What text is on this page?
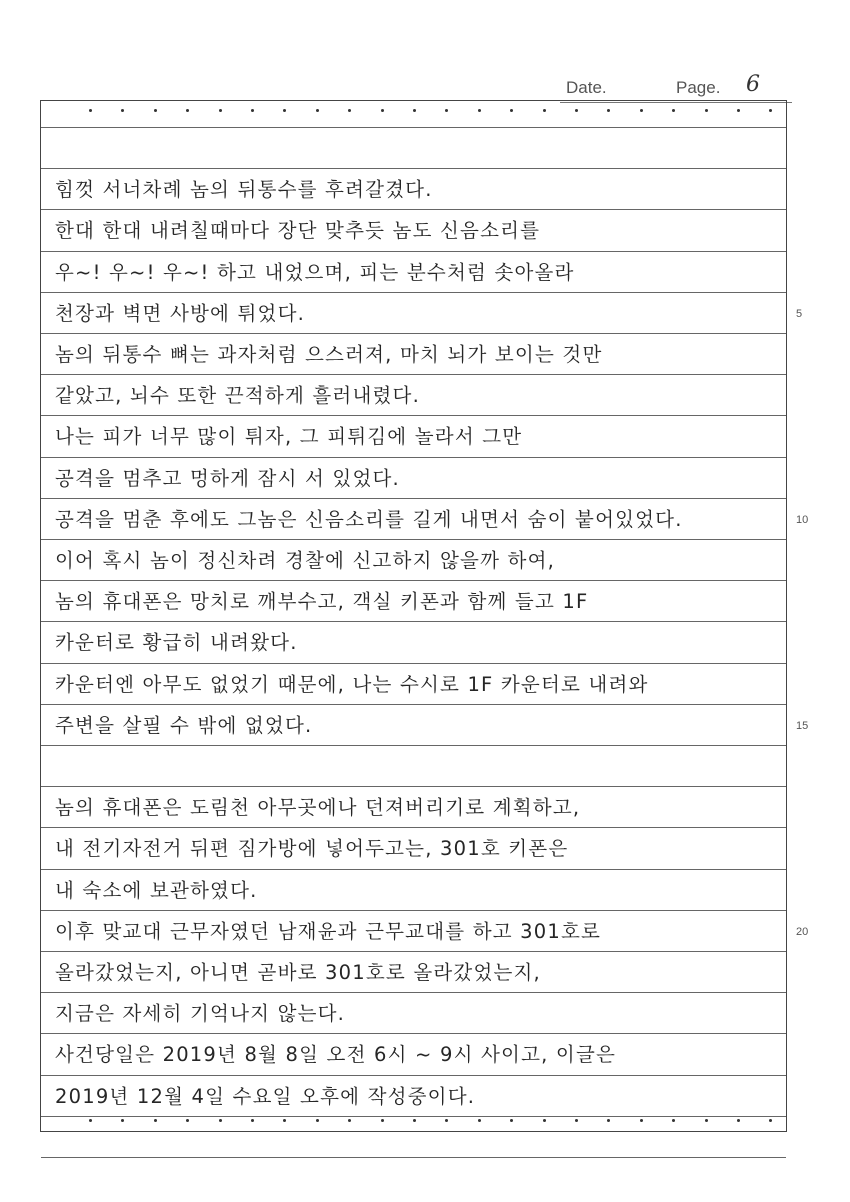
Date.	Page. 6
힘껏 서너차례 놈의 뒤통수를 후려갈겼다.
한대 한대 내려칠때마다 장단 맞추듯 놈도 신음소리를
우~! 우~! 우~! 하고 내었으며, 피는 분수처럼 솟아올라
천장과 벽면 사방에 튀었다.
놈의 뒤통수 뼈는 과자처럼 으스러져, 마치 뇌가 보이는 것만
같았고, 뇌수 또한 끈적하게 흘러내렸다.
나는 피가 너무 많이 튀자, 그 피튀김에 놀라서 그만
공격을 멈추고 멍하게 잠시 서 있었다.
공격을 멈춘 후에도 그놈은 신음소리를 길게 내면서 숨이 붙어있었다.
이어 혹시 놈이 정신차려 경찰에 신고하지 않을까 하여,
놈의 휴대폰은 망치로 깨부수고, 객실 키폰과 함께 들고 1F
카운터로 황급히 내려왔다.
카운터엔 아무도 없었기 때문에, 나는 수시로 1F 카운터로 내려와
주변을 살필 수 밖에 없었다.
놈의 휴대폰은 도림천 아무곳에나 던져버리기로 계획하고,
내 전기자전거 뒤편 짐가방에 넣어두고는, 301호 키폰은
내 숙소에 보관하였다.
이후 맞교대 근무자였던 남재윤과 근무교대를 하고 301호로
올라갔었는지, 아니면 곧바로 301호로 올라갔었는지,
지금은 자세히 기억나지 않는다.
사건당일은 2019년 8월 8일 오전 6시 ~ 9시 사이고, 이글은
2019년 12월 4일 수요일 오후에 작성중이다.
5
10
15
20
